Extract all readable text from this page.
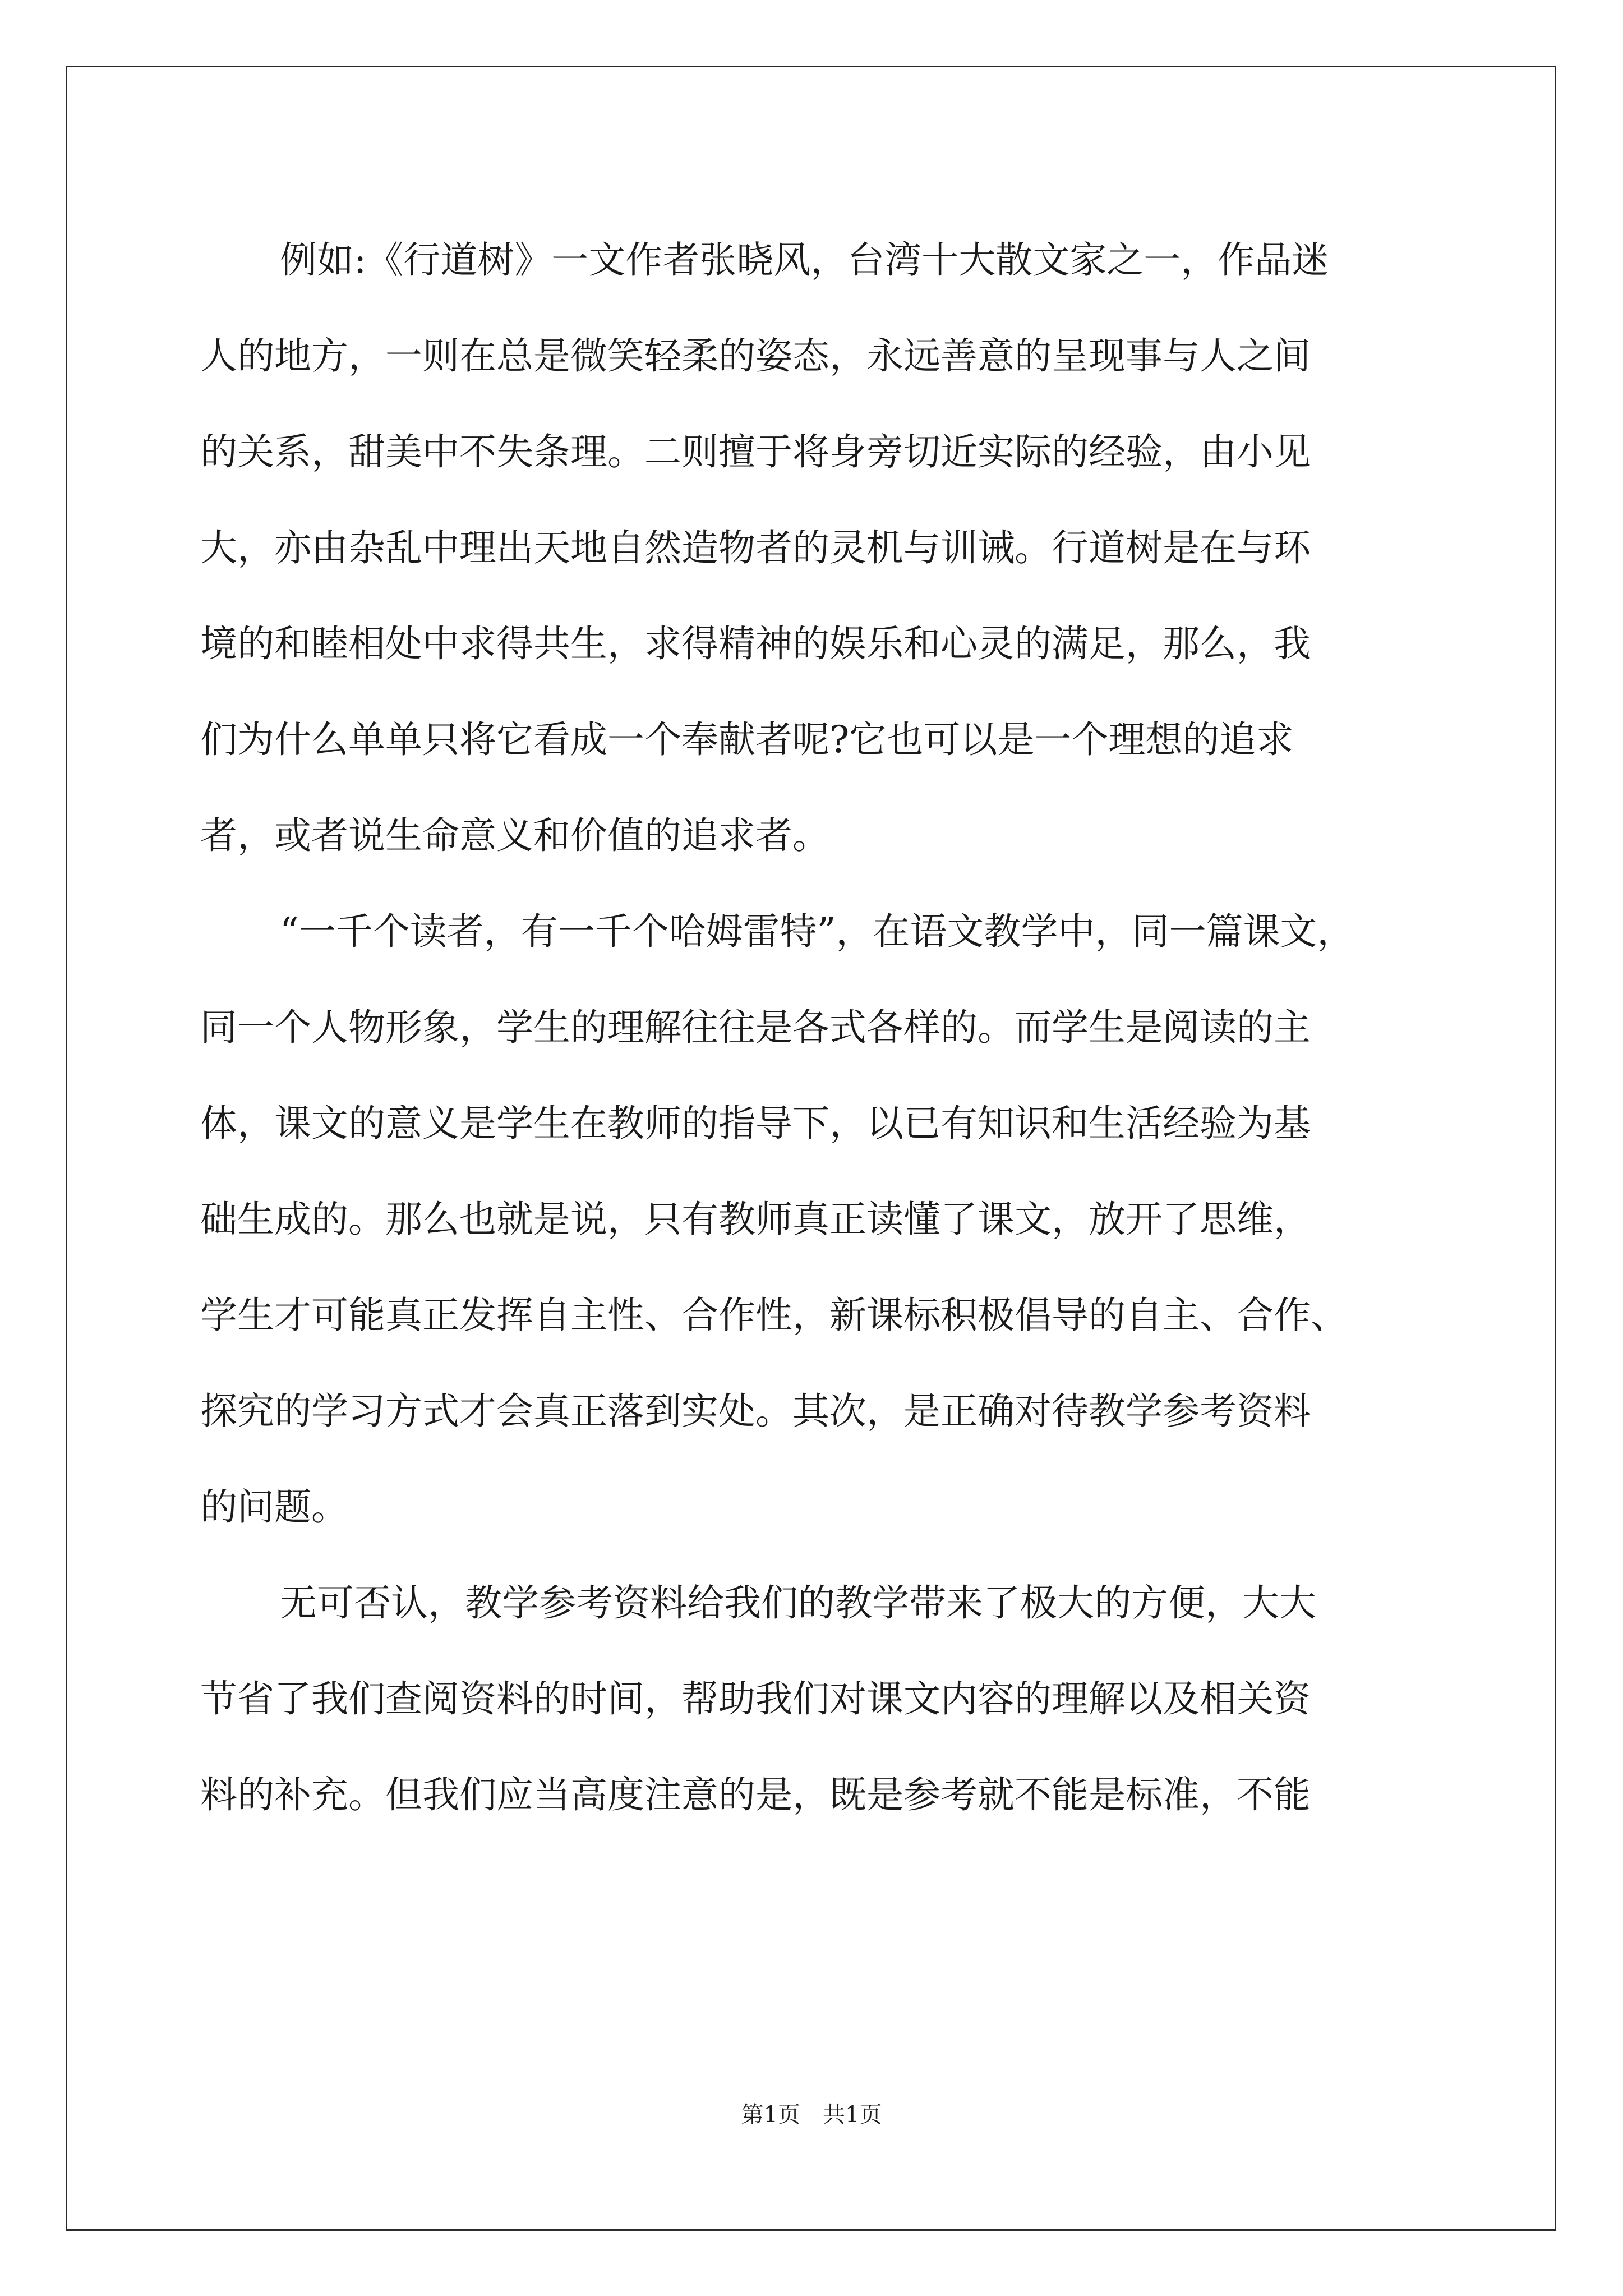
例如:《行道树》一文作者张晓风，台湾十大散文家之一，作品迷
人的地方，一则在总是微笑轻柔的姿态，永远善意的呈现事与人之间
的关系，甜美中不失条理。二则擅于将身旁切近实际的经验，由小见
大，亦由杂乱中理出天地自然造物者的灵机与训诫。行道树是在与环
境的和睦相处中求得共生，求得精神的娱乐和心灵的满足，那么，我
们为什么单单只将它看成一个奉献者呢?它也可以是一个理想的追求
者，或者说生命意义和价值的追求者。
“一千个读者，有一千个哈姆雷特”，在语文教学中，同一篇课文，
同一个人物形象，学生的理解往往是各式各样的。而学生是阅读的主
体，课文的意义是学生在教师的指导下，以已有知识和生活经验为基
础生成的。那么也就是说，只有教师真正读懂了课文，放开了思维，
学生才可能真正发挥自主性、合作性，新课标积极倡导的自主、合作、
探究的学习方式才会真正落到实处。其次，是正确对待教学参考资料
的问题。
无可否认，教学参考资料给我们的教学带来了极大的方便，大大
节省了我们查阅资料的时间，帮助我们对课文内容的理解以及相关资
料的补充。但我们应当高度注意的是，既是参考就不能是标准，不能
第1页　共1页
